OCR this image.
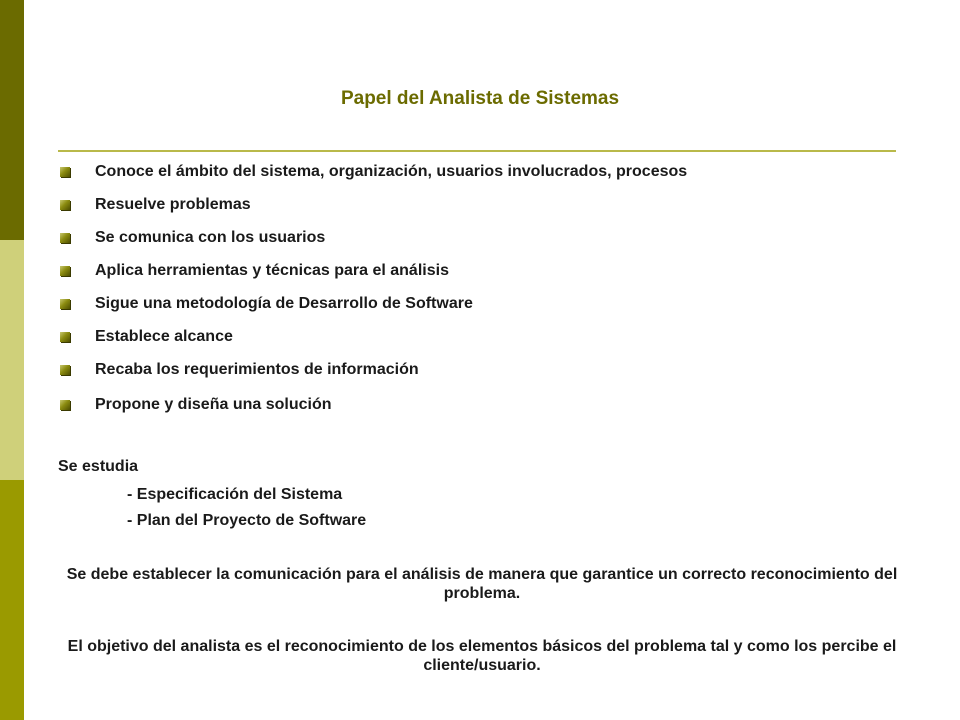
Papel del Analista de Sistemas
Conoce el ámbito del sistema, organización, usuarios involucrados, procesos
Resuelve problemas
Se comunica con los usuarios
Aplica herramientas y técnicas para el análisis
Sigue una metodología de Desarrollo de Software
Establece alcance
Recaba los requerimientos de información
Propone y diseña una solución

Se estudia

- Especificación del Sistema

- Plan del Proyecto de Software

Se debe establecer la comunicación para el análisis de manera que garantice un correcto reconocimiento del problema.

El objetivo del analista es el reconocimiento de los elementos básicos del problema tal y como los percibe el cliente/usuario.
